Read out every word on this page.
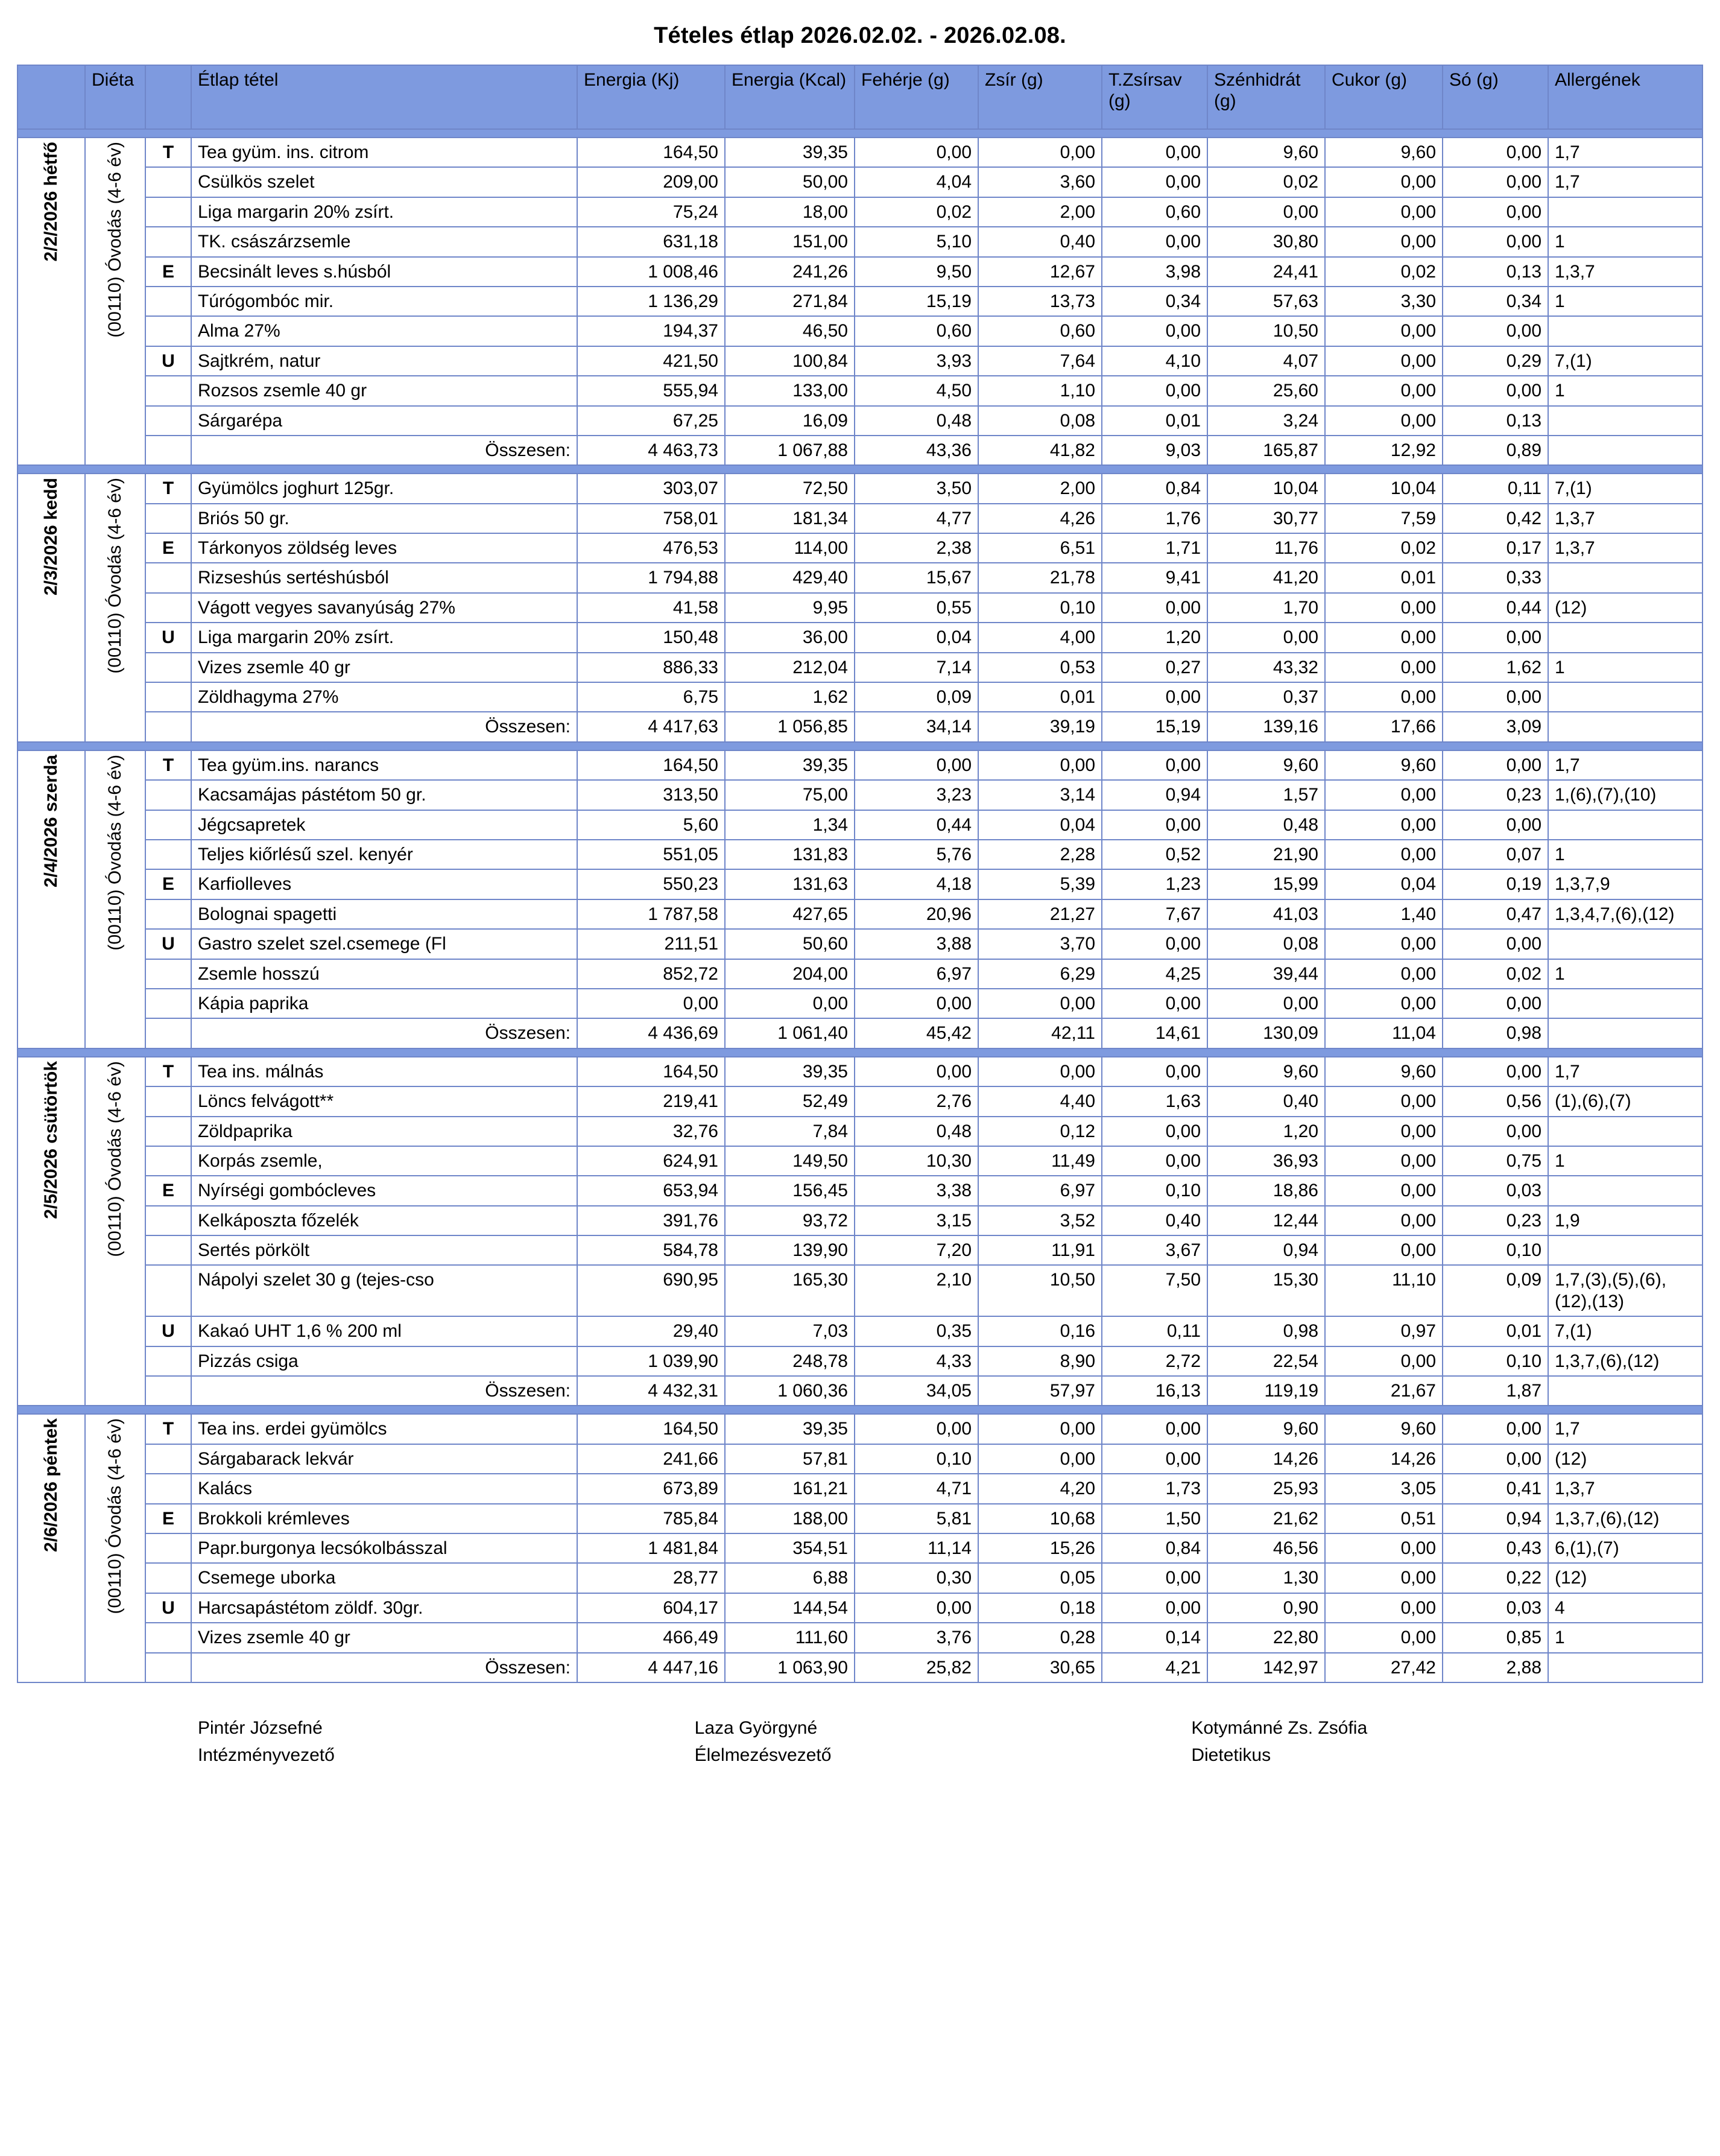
Tételes étlap 2026.02.02. - 2026.02.08.
	Diéta		Étlap tétel	Energia (Kj)	Energia (Kcal)	Fehérje (g)	Zsír (g)	T.Zsírsav (g)	Szénhidrát (g)	Cukor (g)	Só (g)	Allergének

2/2/2026 hétfő	(00110) Óvodás (4-6 év)	T	Tea gyüm. ins. citrom	164,50	39,35	0,00	0,00	0,00	9,60	9,60	0,00	1,7
			Csülkös szelet	209,00	50,00	4,04	3,60	0,00	0,02	0,00	0,00	1,7
			Liga margarin 20% zsírt.	75,24	18,00	0,02	2,00	0,60	0,00	0,00	0,00	
			TK. császárzsemle	631,18	151,00	5,10	0,40	0,00	30,80	0,00	0,00	1
		E	Becsinált leves s.húsból	1 008,46	241,26	9,50	12,67	3,98	24,41	0,02	0,13	1,3,7
			Túrógombóc mir.	1 136,29	271,84	15,19	13,73	0,34	57,63	3,30	0,34	1
			Alma 27%	194,37	46,50	0,60	0,60	0,00	10,50	0,00	0,00	
		U	Sajtkrém, natur	421,50	100,84	3,93	7,64	4,10	4,07	0,00	0,29	7,(1)
			Rozsos zsemle 40 gr	555,94	133,00	4,50	1,10	0,00	25,60	0,00	0,00	1
			Sárgarépa	67,25	16,09	0,48	0,08	0,01	3,24	0,00	0,13	
			Összesen:	4 463,73	1 067,88	43,36	41,82	9,03	165,87	12,92	0,89	

2/3/2026 kedd	(00110) Óvodás (4-6 év)	T	Gyümölcs joghurt 125gr.	303,07	72,50	3,50	2,00	0,84	10,04	10,04	0,11	7,(1)
			Briós 50 gr.	758,01	181,34	4,77	4,26	1,76	30,77	7,59	0,42	1,3,7
		E	Tárkonyos zöldség leves	476,53	114,00	2,38	6,51	1,71	11,76	0,02	0,17	1,3,7
			Rizseshús sertéshúsból	1 794,88	429,40	15,67	21,78	9,41	41,20	0,01	0,33	
			Vágott vegyes savanyúság 27%	41,58	9,95	0,55	0,10	0,00	1,70	0,00	0,44	(12)
		U	Liga margarin 20% zsírt.	150,48	36,00	0,04	4,00	1,20	0,00	0,00	0,00	
			Vizes zsemle 40 gr	886,33	212,04	7,14	0,53	0,27	43,32	0,00	1,62	1
			Zöldhagyma 27%	6,75	1,62	0,09	0,01	0,00	0,37	0,00	0,00	
			Összesen:	4 417,63	1 056,85	34,14	39,19	15,19	139,16	17,66	3,09	

2/4/2026 szerda	(00110) Óvodás (4-6 év)	T	Tea gyüm.ins. narancs	164,50	39,35	0,00	0,00	0,00	9,60	9,60	0,00	1,7
			Kacsamájas pástétom 50 gr.	313,50	75,00	3,23	3,14	0,94	1,57	0,00	0,23	1,(6),(7),(10)
			Jégcsapretek	5,60	1,34	0,44	0,04	0,00	0,48	0,00	0,00	
			Teljes kiőrlésű szel. kenyér	551,05	131,83	5,76	2,28	0,52	21,90	0,00	0,07	1
		E	Karfiolleves	550,23	131,63	4,18	5,39	1,23	15,99	0,04	0,19	1,3,7,9
			Bolognai spagetti	1 787,58	427,65	20,96	21,27	7,67	41,03	1,40	0,47	1,3,4,7,(6),(12)
		U	Gastro szelet szel.csemege (Fl	211,51	50,60	3,88	3,70	0,00	0,08	0,00	0,00	
			Zsemle hosszú	852,72	204,00	6,97	6,29	4,25	39,44	0,00	0,02	1
			Kápia paprika	0,00	0,00	0,00	0,00	0,00	0,00	0,00	0,00	
			Összesen:	4 436,69	1 061,40	45,42	42,11	14,61	130,09	11,04	0,98	

2/5/2026 csütörtök	(00110) Óvodás (4-6 év)	T	Tea ins. málnás	164,50	39,35	0,00	0,00	0,00	9,60	9,60	0,00	1,7
			Löncs felvágott**	219,41	52,49	2,76	4,40	1,63	0,40	0,00	0,56	(1),(6),(7)
			Zöldpaprika	32,76	7,84	0,48	0,12	0,00	1,20	0,00	0,00	
			Korpás zsemle,	624,91	149,50	10,30	11,49	0,00	36,93	0,00	0,75	1
		E	Nyírségi gombócleves	653,94	156,45	3,38	6,97	0,10	18,86	0,00	0,03	
			Kelkáposzta főzelék	391,76	93,72	3,15	3,52	0,40	12,44	0,00	0,23	1,9
			Sertés pörkölt	584,78	139,90	7,20	11,91	3,67	0,94	0,00	0,10	
			Nápolyi szelet 30 g (tejes-cso	690,95	165,30	2,10	10,50	7,50	15,30	11,10	0,09	1,7,(3),(5),(6),(12),(13)
		U	Kakaó UHT 1,6 % 200 ml	29,40	7,03	0,35	0,16	0,11	0,98	0,97	0,01	7,(1)
			Pizzás csiga	1 039,90	248,78	4,33	8,90	2,72	22,54	0,00	0,10	1,3,7,(6),(12)
			Összesen:	4 432,31	1 060,36	34,05	57,97	16,13	119,19	21,67	1,87	

2/6/2026 péntek	(00110) Óvodás (4-6 év)	T	Tea ins. erdei gyümölcs	164,50	39,35	0,00	0,00	0,00	9,60	9,60	0,00	1,7
			Sárgabarack lekvár	241,66	57,81	0,10	0,00	0,00	14,26	14,26	0,00	(12)
			Kalács	673,89	161,21	4,71	4,20	1,73	25,93	3,05	0,41	1,3,7
		E	Brokkoli krémleves	785,84	188,00	5,81	10,68	1,50	21,62	0,51	0,94	1,3,7,(6),(12)
			Papr.burgonya lecsókolbásszal	1 481,84	354,51	11,14	15,26	0,84	46,56	0,00	0,43	6,(1),(7)
			Csemege uborka	28,77	6,88	0,30	0,05	0,00	1,30	0,00	0,22	(12)
		U	Harcsapástétom zöldf. 30gr.	604,17	144,54	0,00	0,18	0,00	0,90	0,00	0,03	4
			Vizes zsemle 40 gr	466,49	111,60	3,76	0,28	0,14	22,80	0,00	0,85	1
			Összesen:	4 447,16	1 063,90	25,82	30,65	4,21	142,97	27,42	2,88	
Pintér Józsefné
Intézményvezető
Laza Györgyné
Élelmezésvezető
Kotymánné Zs. Zsófia
Dietetikus
